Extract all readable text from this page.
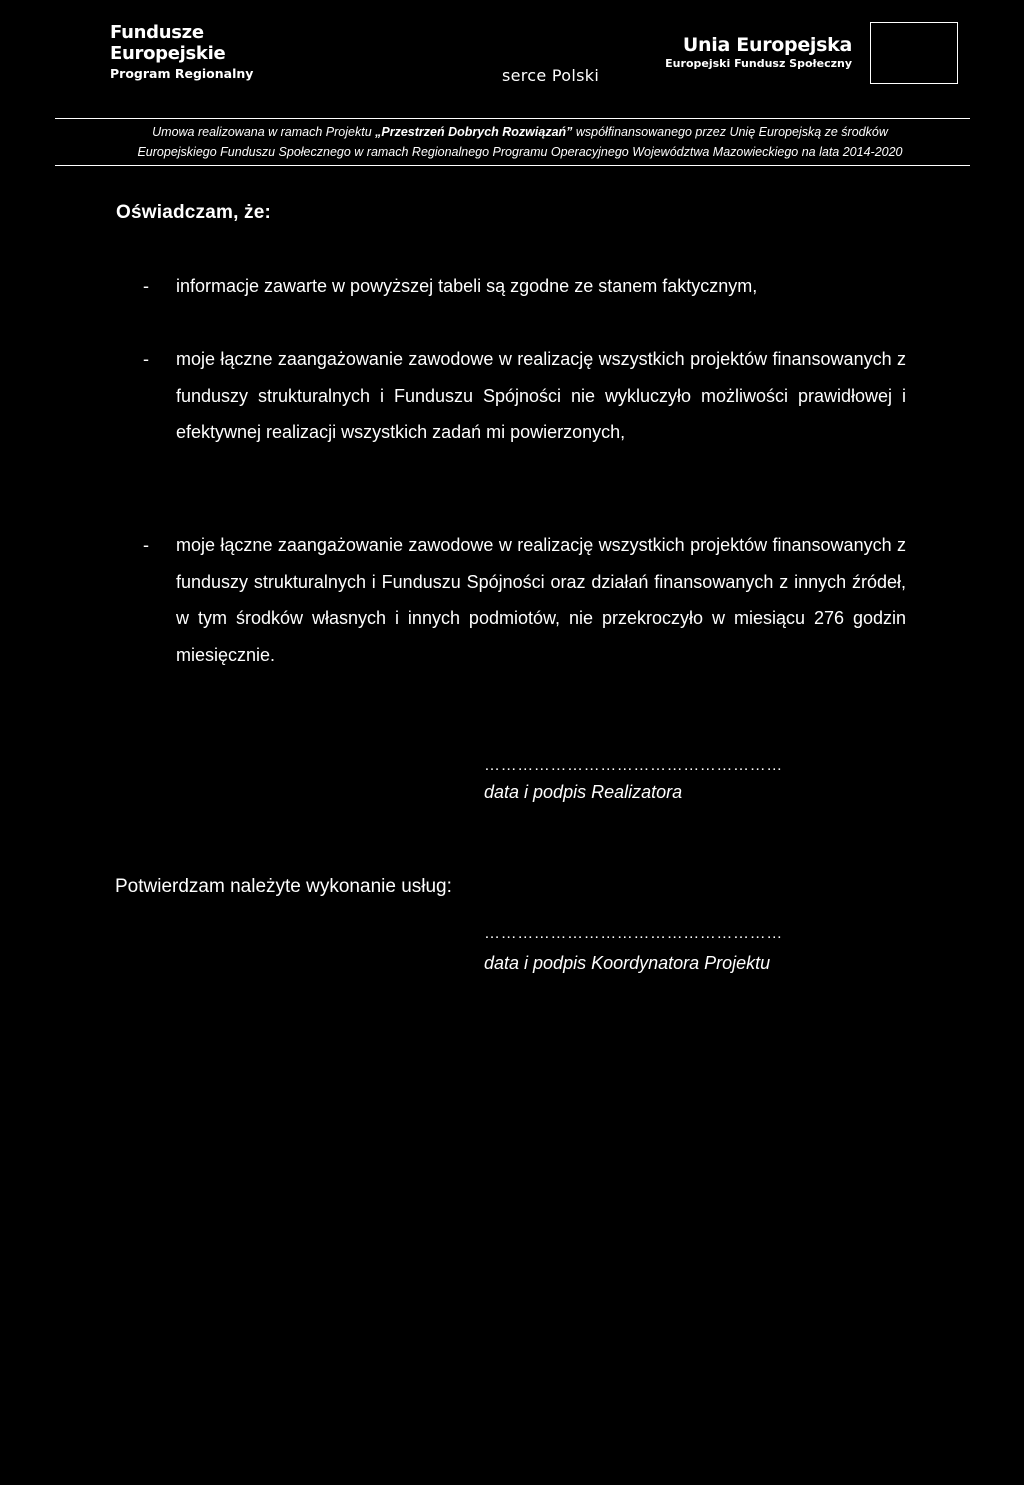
Fundusze
Europejskie
Program Regionalny	serce Polski
Unia Europejska
Europejski Fundusz Społeczny
Umowa realizowana w ramach Projektu „Przestrzeń Dobrych Rozwiązań” współfinansowanego przez Unię Europejską ze środków
Europejskiego Funduszu Społecznego w ramach Regionalnego Programu Operacyjnego Województwa Mazowieckiego na lata 2014-2020
Oświadczam, że:
- informacje zawarte w powyższej tabeli są zgodne ze stanem faktycznym,
- moje łączne zaangażowanie zawodowe w realizację wszystkich projektów finansowanych z funduszy strukturalnych i Funduszu Spójności nie wykluczyło możliwości prawidłowej i efektywnej realizacji wszystkich zadań mi powierzonych,
- moje łączne zaangażowanie zawodowe w realizację wszystkich projektów finansowanych z funduszy strukturalnych i Funduszu Spójności oraz działań finansowanych z innych źródeł, w tym środków własnych i innych podmiotów, nie przekroczyło w miesiącu 276 godzin miesięcznie.
………………………………………………
data i podpis Realizatora
Potwierdzam należyte wykonanie usług:
………………………………………………
data i podpis Koordynatora Projektu
